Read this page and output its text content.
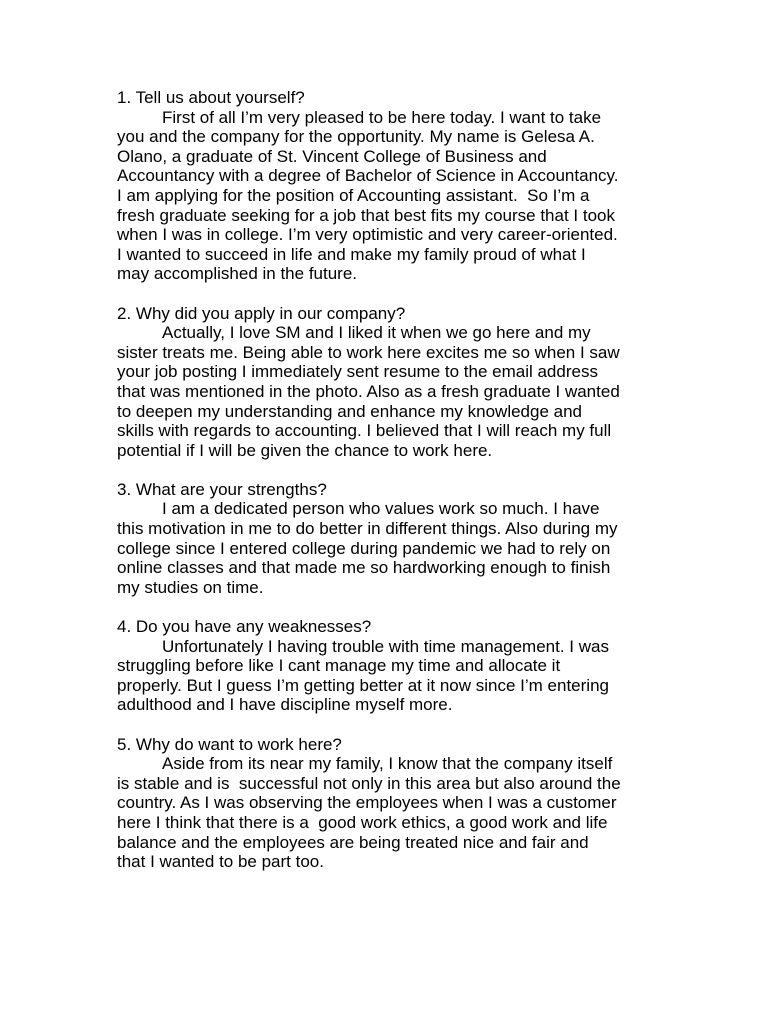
1. Tell us about yourself?
First of all I’m very pleased to be here today. I want to take
you and the company for the opportunity. My name is Gelesa A.
Olano, a graduate of St. Vincent College of Business and
Accountancy with a degree of Bachelor of Science in Accountancy.
I am applying for the position of Accounting assistant.  So I’m a
fresh graduate seeking for a job that best fits my course that I took
when I was in college. I’m very optimistic and very career-oriented.
I wanted to succeed in life and make my family proud of what I
may accomplished in the future.
2. Why did you apply in our company?
Actually, I love SM and I liked it when we go here and my
sister treats me. Being able to work here excites me so when I saw
your job posting I immediately sent resume to the email address
that was mentioned in the photo. Also as a fresh graduate I wanted
to deepen my understanding and enhance my knowledge and
skills with regards to accounting. I believed that I will reach my full
potential if I will be given the chance to work here.
3. What are your strengths?
I am a dedicated person who values work so much. I have
this motivation in me to do better in different things. Also during my
college since I entered college during pandemic we had to rely on
online classes and that made me so hardworking enough to finish
my studies on time.
4. Do you have any weaknesses?
Unfortunately I having trouble with time management. I was
struggling before like I cant manage my time and allocate it
properly. But I guess I’m getting better at it now since I’m entering
adulthood and I have discipline myself more.
5. Why do want to work here?
Aside from its near my family, I know that the company itself
is stable and is  successful not only in this area but also around the
country. As I was observing the employees when I was a customer
here I think that there is a  good work ethics, a good work and life
balance and the employees are being treated nice and fair and
that I wanted to be part too.
